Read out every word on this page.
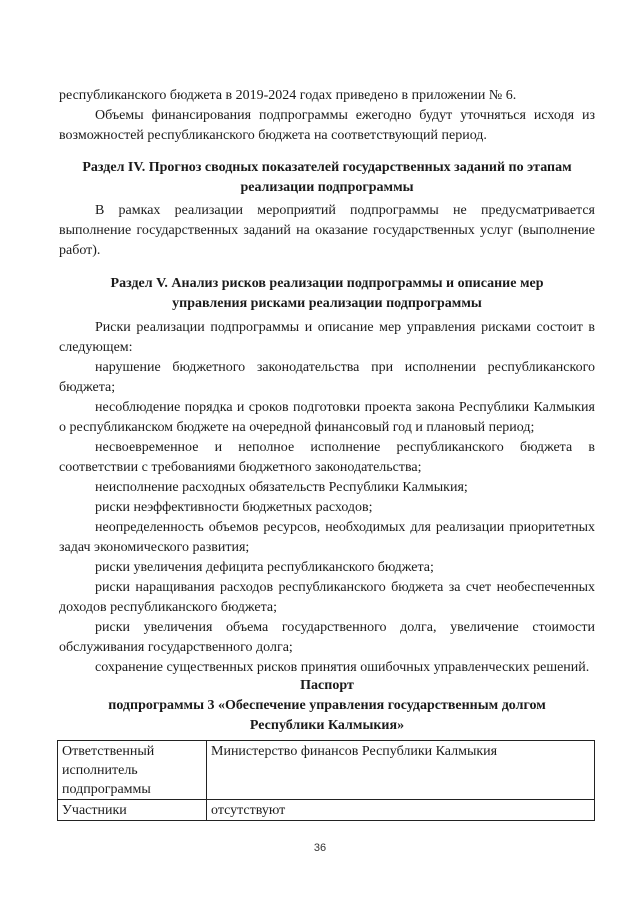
республиканского бюджета в 2019-2024 годах приведено в приложении № 6.
Объемы финансирования подпрограммы ежегодно будут уточняться исходя из возможностей республиканского бюджета на соответствующий период.
Раздел IV. Прогноз сводных показателей государственных заданий по этапам
реализации подпрограммы
В рамках реализации мероприятий подпрограммы не предусматривается выполнение государственных заданий на оказание государственных услуг (выполнение работ).
Раздел V. Анализ рисков реализации подпрограммы и описание мер
управления рисками реализации подпрограммы
Риски реализации подпрограммы и описание мер управления рисками состоит в следующем:
нарушение бюджетного законодательства при исполнении республиканского бюджета;
несоблюдение порядка и сроков подготовки проекта закона Республики Калмыкия о республиканском бюджете на очередной финансовый год и плановый период;
несвоевременное и неполное исполнение республиканского бюджета в соответствии с требованиями бюджетного законодательства;
неисполнение расходных обязательств Республики Калмыкия;
риски неэффективности бюджетных расходов;
неопределенность объемов ресурсов, необходимых для реализации приоритетных задач экономического развития;
риски увеличения дефицита республиканского бюджета;
риски наращивания расходов республиканского бюджета за счет необеспеченных доходов республиканского бюджета;
риски увеличения объема государственного долга, увеличение стоимости обслуживания государственного долга;
сохранение существенных рисков принятия ошибочных управленческих решений.
Паспорт
подпрограммы 3 «Обеспечение управления государственным долгом
Республики Калмыкия»
Ответственный исполнитель подпрограммы	Министерство финансов Республики Калмыкия
Участники	отсутствуют
36
